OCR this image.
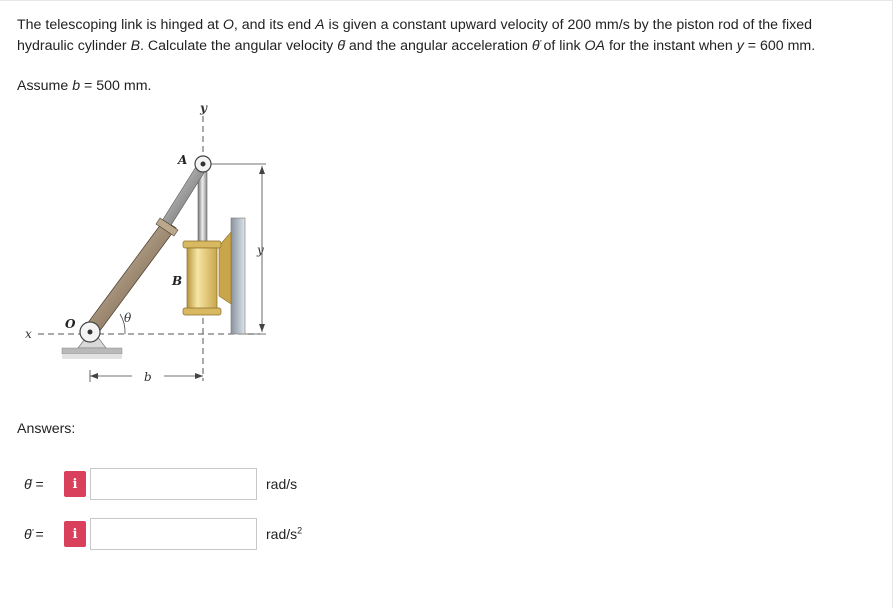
The telescoping link is hinged at O, and its end A is given a constant upward velocity of 200 mm/s by the piston rod of the fixed
hydraulic cylinder B. Calculate the angular velocity θ̇ and the angular acceleration θ̈ of link OA for the instant when y = 600 mm.
Assume b = 500 mm.
y
x
B
A
y
O	θ
b
Answers:
θ̇ =	i	rad/s
θ̈ =	i	rad/$s^2$
